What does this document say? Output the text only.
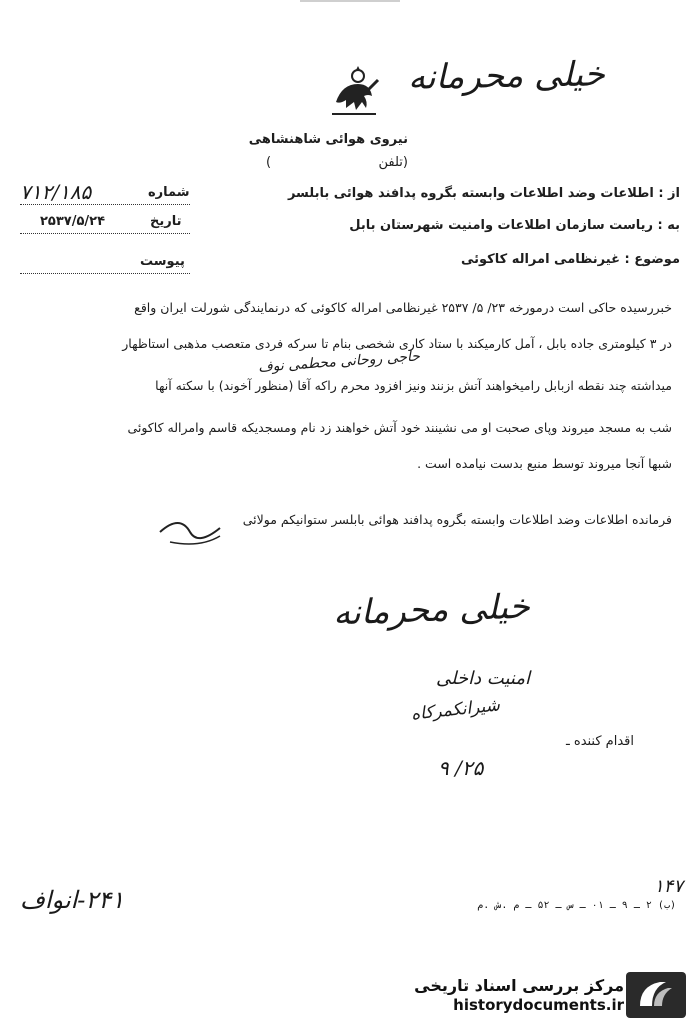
خیلی محرمانه
نیروی هوائی شاهنشاهی
(تلفن                          )
شماره
۷۱۲/۱۸۵
تاریخ
۲۵۳۷/۵/۲۴
پیوست
از : اطلاعات وضد اطلاعات وابسته بگروه پدافند هوائی بابلسر
به : ریاست سازمان اطلاعات وامنیت شهرستان بابل
موضوع : غیرنظامی امراله کاکوئی
خبررسیده حاکی است درمورخه ۲۳/ ۵/ ۲۵۳۷ غیرنظامی امراله کاکوئی که درنمایندگی شورلت ایران واقع
در ۳ کیلومتری جاده بابل ، آمل کارمیکند با ستاد کاری شخصی بنام تا سرکه فردی متعصب مذهبی استاظهار
حاجی روحانی محطمی نوف
میداشته چند نقطه ازبابل رامیخواهند آتش بزنند ونیز افزود محرم راکه آقا (منظور آخوند) با سکته آنها
شب به مسجد میروند وپای صحبت او می نشینند خود آتش خواهند زد نام ومسجدیکه قاسم وامراله کاکوئی
شبها آنجا میروند توسط منبع بدست نیامده است .
فرمانده اطلاعات وضد اطلاعات وابسته بگروه پدافند هوائی بابلسر ستوانیکم مولائی
خیلی محرمانه
امنیت داخلی
شیرانکمرکاه
اقدام کننده ـ
۲۵/ ۹
۲۴۱-انواف	۱۴۷
(ب) ۲ ـ ۹ ـ ۰۱ ـ س ـ ۵۲ ـ م .ش .م
مرکز بررسی اسناد تاریخی
historydocuments.ir
